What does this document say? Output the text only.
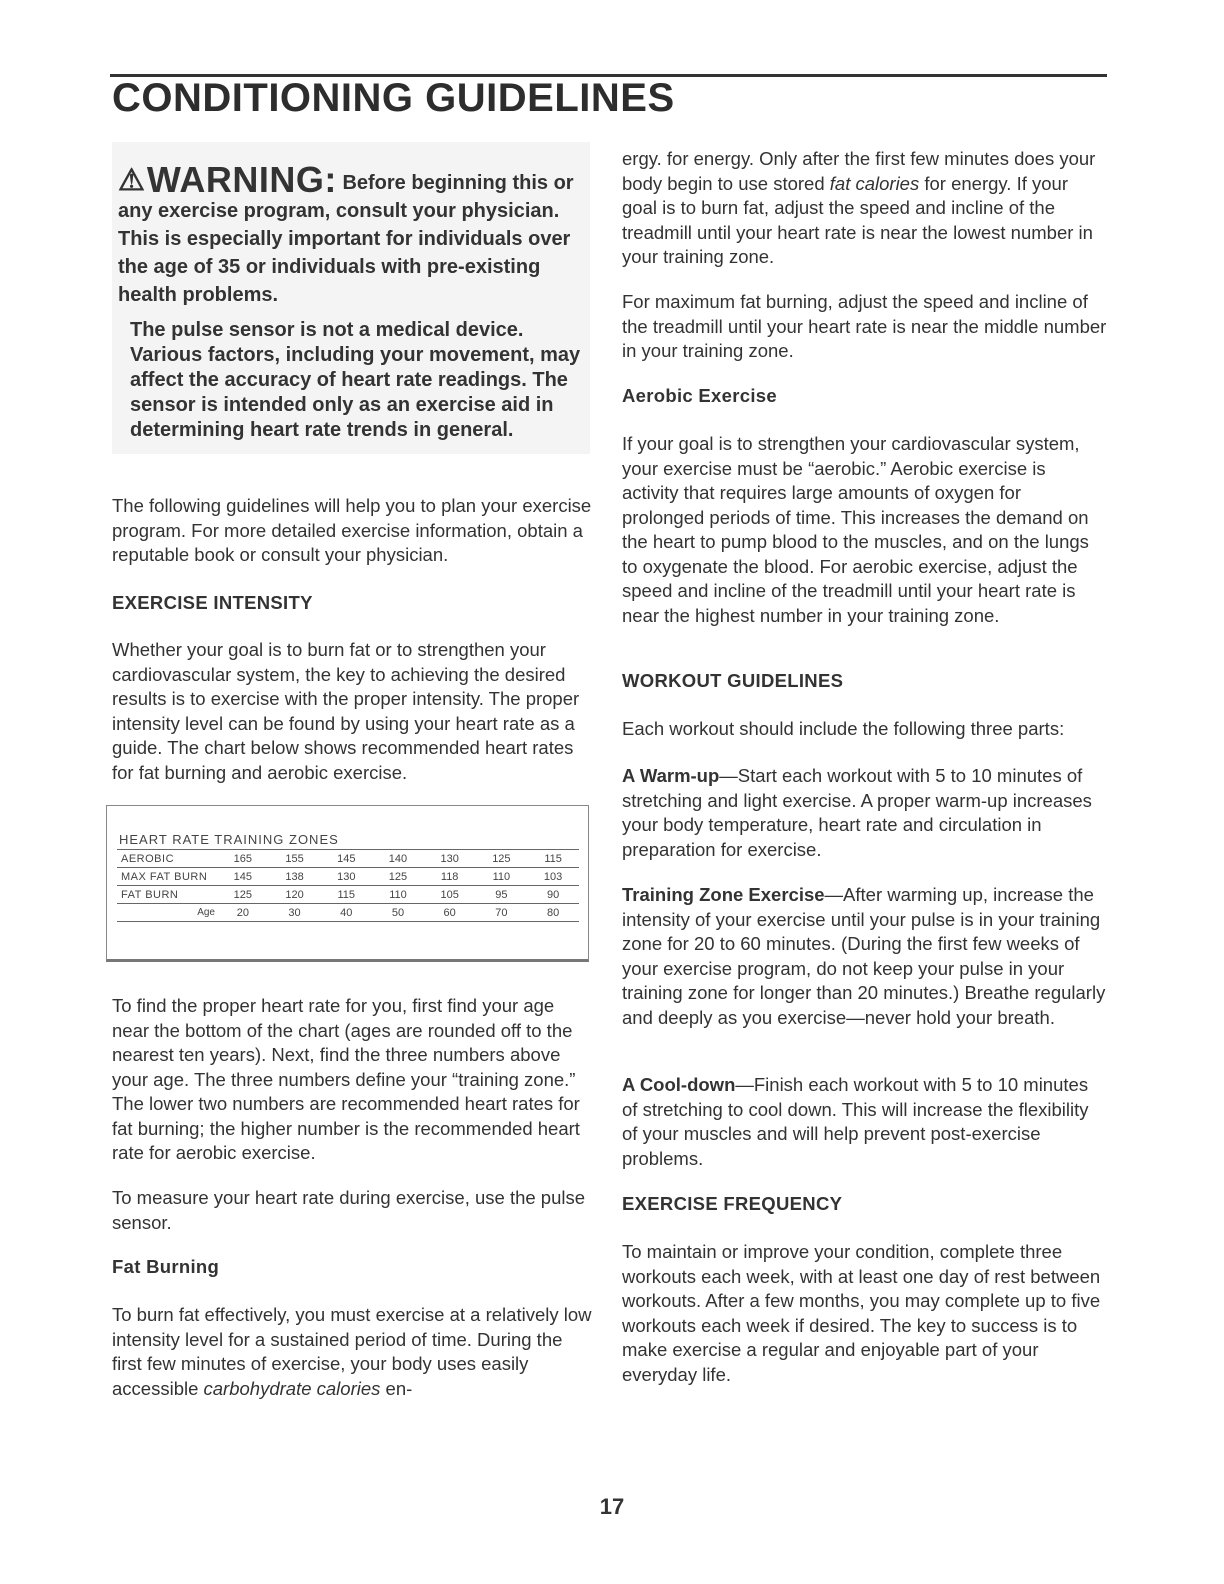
CONDITIONING GUIDELINES
⚠WARNING: Before beginning this or any exercise program, consult your physician. This is especially important for individuals over the age of 35 or individuals with pre-existing health problems.
The pulse sensor is not a medical device. Various factors, including your movement, may affect the accuracy of heart rate readings. The sensor is intended only as an exercise aid in determining heart rate trends in general.

The following guidelines will help you to plan your exercise program. For more detailed exercise information, obtain a reputable book or consult your physician.

EXERCISE INTENSITY

Whether your goal is to burn fat or to strengthen your cardiovascular system, the key to achieving the desired results is to exercise with the proper intensity. The proper intensity level can be found by using your heart rate as a guide. The chart below shows recommended heart rates for fat burning and aerobic exercise.

HEART RATE TRAINING ZONES
AEROBIC	165	155	145	140	130	125	115
MAX FAT BURN	145	138	130	125	118	110	103
FAT BURN	125	120	115	110	105	95	90
Age	20	30	40	50	60	70	80

To find the proper heart rate for you, first find your age near the bottom of the chart (ages are rounded off to the nearest ten years). Next, find the three numbers above your age. The three numbers define your “training zone.” The lower two numbers are recommended heart rates for fat burning; the higher number is the recommended heart rate for aerobic exercise.

To measure your heart rate during exercise, use the pulse sensor.

Fat Burning

To burn fat effectively, you must exercise at a relatively low intensity level for a sustained period of time. During the first few minutes of exercise, your body uses easily accessible carbohydrate calories en-

ergy. for energy. Only after the first few minutes does your body begin to use stored fat calories for energy. If your goal is to burn fat, adjust the speed and incline of the treadmill until your heart rate is near the lowest number in your training zone.

For maximum fat burning, adjust the speed and incline of the treadmill until your heart rate is near the middle number in your training zone.

Aerobic Exercise

If your goal is to strengthen your cardiovascular system, your exercise must be “aerobic.” Aerobic exercise is activity that requires large amounts of oxygen for prolonged periods of time. This increases the demand on the heart to pump blood to the muscles, and on the lungs to oxygenate the blood. For aerobic exercise, adjust the speed and incline of the treadmill until your heart rate is near the highest number in your training zone.

WORKOUT GUIDELINES

Each workout should include the following three parts:

A Warm-up—Start each workout with 5 to 10 minutes of stretching and light exercise. A proper warm-up increases your body temperature, heart rate and circulation in preparation for exercise.

Training Zone Exercise—After warming up, increase the intensity of your exercise until your pulse is in your training zone for 20 to 60 minutes. (During the first few weeks of your exercise program, do not keep your pulse in your training zone for longer than 20 minutes.) Breathe regularly and deeply as you exercise—never hold your breath.

A Cool-down—Finish each workout with 5 to 10 minutes of stretching to cool down. This will increase the flexibility of your muscles and will help prevent post-exercise problems.

EXERCISE FREQUENCY

To maintain or improve your condition, complete three workouts each week, with at least one day of rest between workouts. After a few months, you may complete up to five workouts each week if desired. The key to success is to make exercise a regular and enjoyable part of your everyday life.

17
